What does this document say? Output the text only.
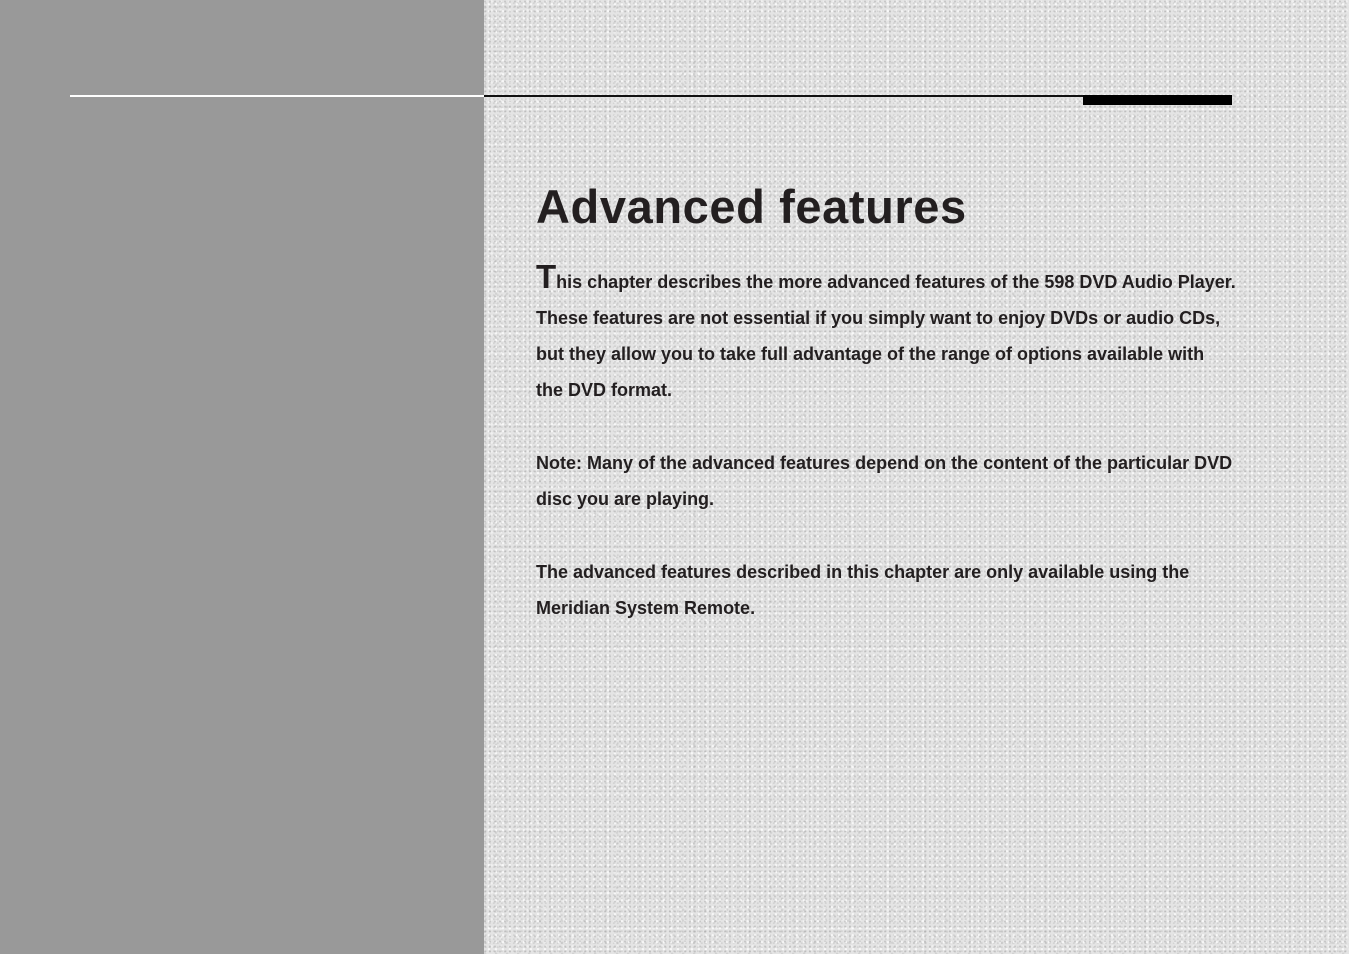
Advanced features

This chapter describes the more advanced features of the 598 DVD Audio Player. These features are not essential if you simply want to enjoy DVDs or audio CDs, but they allow you to take full advantage of the range of options available with the DVD format.

Note: Many of the advanced features depend on the content of the particular DVD disc you are playing.

The advanced features described in this chapter are only available using the Meridian System Remote.
